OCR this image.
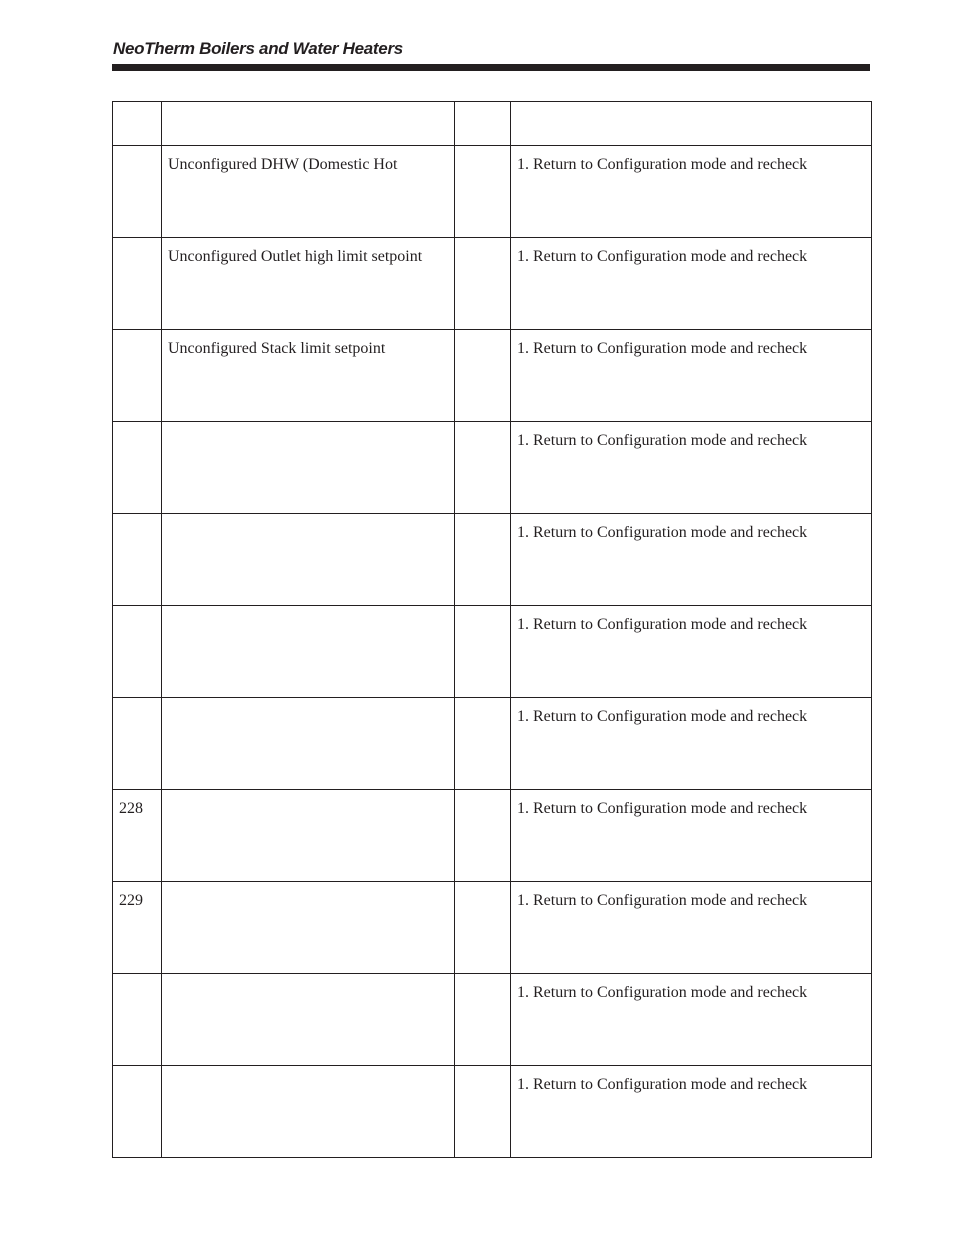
NeoTherm Boilers and Water Heaters

	Unconfigured DHW (Domestic Hot		1. Return to Configuration mode and recheck
	Unconfigured Outlet high limit setpoint		1. Return to Configuration mode and recheck
	Unconfigured Stack limit setpoint		1. Return to Configuration mode and recheck
			1. Return to Configuration mode and recheck
			1. Return to Configuration mode and recheck
			1. Return to Configuration mode and recheck
			1. Return to Configuration mode and recheck
228			1. Return to Configuration mode and recheck
229			1. Return to Configuration mode and recheck
			1. Return to Configuration mode and recheck
			1. Return to Configuration mode and recheck
